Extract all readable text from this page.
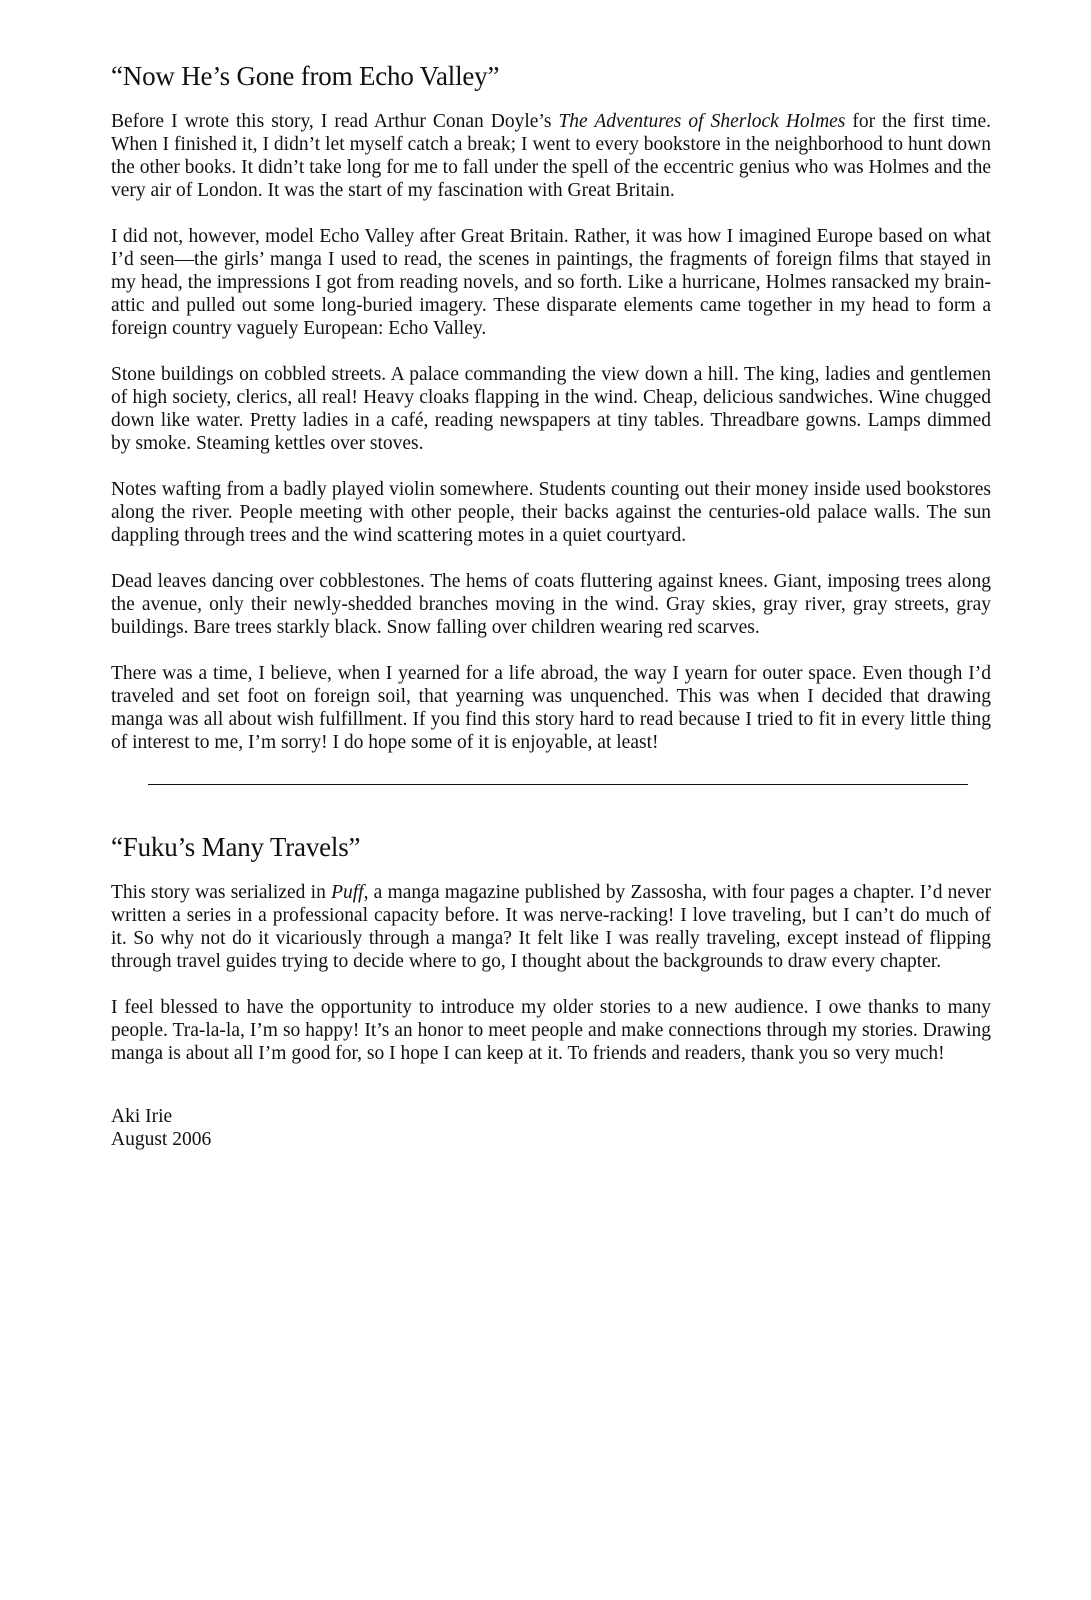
“Now He’s Gone from Echo Valley”

Before I wrote this story, I read Arthur Conan Doyle’s The Adventures of Sherlock Holmes for the first time. When I finished it, I didn’t let myself catch a break; I went to every bookstore in the neighborhood to hunt down the other books. It didn’t take long for me to fall under the spell of the eccentric genius who was Holmes and the very air of London. It was the start of my fascination with Great Britain.

I did not, however, model Echo Valley after Great Britain. Rather, it was how I imagined Europe based on what I’d seen—the girls’ manga I used to read, the scenes in paintings, the fragments of foreign films that stayed in my head, the impressions I got from reading novels, and so forth. Like a hurricane, Holmes ransacked my brain-attic and pulled out some long-buried imagery. These disparate elements came together in my head to form a foreign country vaguely European: Echo Valley.

Stone buildings on cobbled streets. A palace commanding the view down a hill. The king, ladies and gentlemen of high society, clerics, all real! Heavy cloaks flapping in the wind. Cheap, delicious sandwiches. Wine chugged down like water. Pretty ladies in a café, reading newspapers at tiny tables. Threadbare gowns. Lamps dimmed by smoke. Steaming kettles over stoves.

Notes wafting from a badly played violin somewhere. Students counting out their money inside used bookstores along the river. People meeting with other people, their backs against the centuries-old palace walls. The sun dappling through trees and the wind scattering motes in a quiet courtyard.

Dead leaves dancing over cobblestones. The hems of coats fluttering against knees. Giant, imposing trees along the avenue, only their newly-shedded branches moving in the wind. Gray skies, gray river, gray streets, gray buildings. Bare trees starkly black. Snow falling over children wearing red scarves.

There was a time, I believe, when I yearned for a life abroad, the way I yearn for outer space. Even though I’d traveled and set foot on foreign soil, that yearning was unquenched. This was when I decided that drawing manga was all about wish fulfillment. If you find this story hard to read because I tried to fit in every little thing of interest to me, I’m sorry! I do hope some of it is enjoyable, at least!

“Fuku’s Many Travels”

This story was serialized in Puff, a manga magazine published by Zassosha, with four pages a chapter. I’d never written a series in a professional capacity before. It was nerve-racking! I love traveling, but I can’t do much of it. So why not do it vicariously through a manga? It felt like I was really traveling, except instead of flipping through travel guides trying to decide where to go, I thought about the backgrounds to draw every chapter.

I feel blessed to have the opportunity to introduce my older stories to a new audience. I owe thanks to many people. Tra-la-la, I’m so happy! It’s an honor to meet people and make connections through my stories. Drawing manga is about all I’m good for, so I hope I can keep at it. To friends and readers, thank you so very much!

Aki Irie
August 2006
